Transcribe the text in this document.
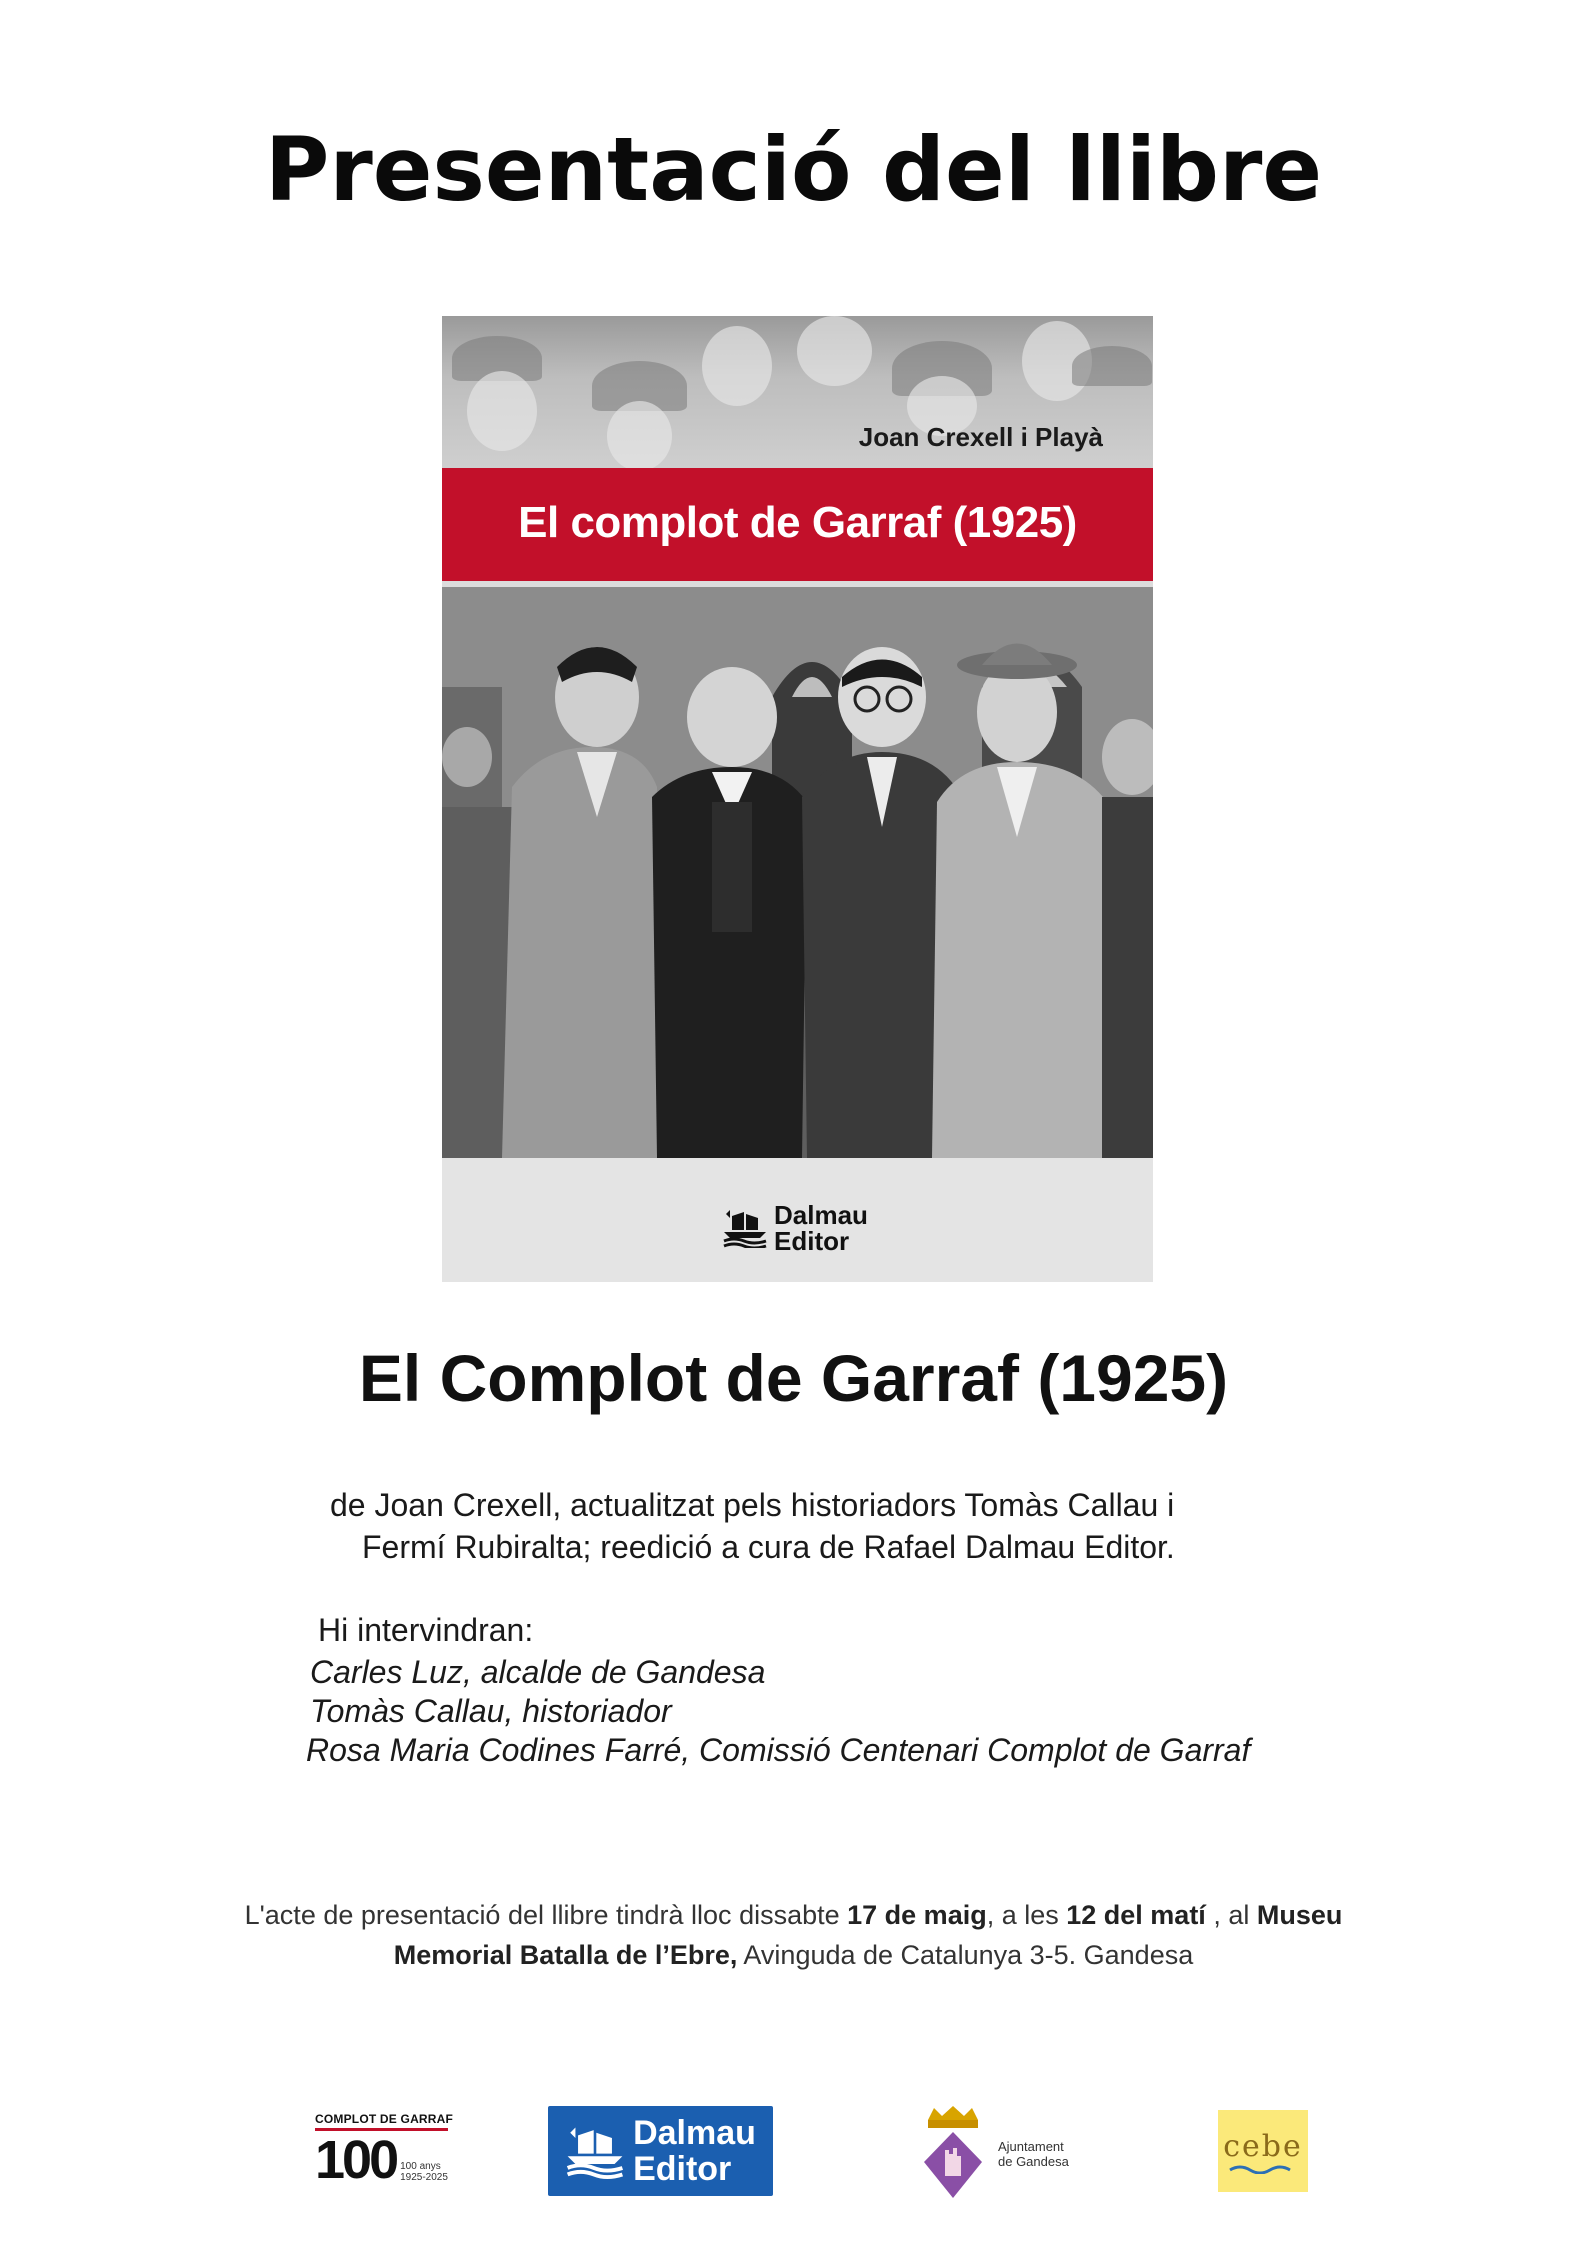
Presentació del llibre
Joan Crexell i Playà
El complot de Garraf (1925)
Dalmau
Editor
El Complot de Garraf (1925)
de Joan Crexell, actualitzat pels historiadors Tomàs Callau i
Fermí Rubiralta; reedició a cura de Rafael Dalmau Editor.
Hi intervindran:
Carles Luz, alcalde de Gandesa
Tomàs Callau, historiador
Rosa Maria Codines Farré, Comissió Centenari Complot de Garraf
L'acte de presentació del llibre tindrà lloc dissabte 17 de maig, a les 12 del matí , al Museu
Memorial Batalla de l’Ebre, Avinguda de Catalunya 3-5. Gandesa
COMPLOT DE GARRAF
100 100 anys
1925-2025
Dalmau
Editor
Ajuntament
de Gandesa	cebe
